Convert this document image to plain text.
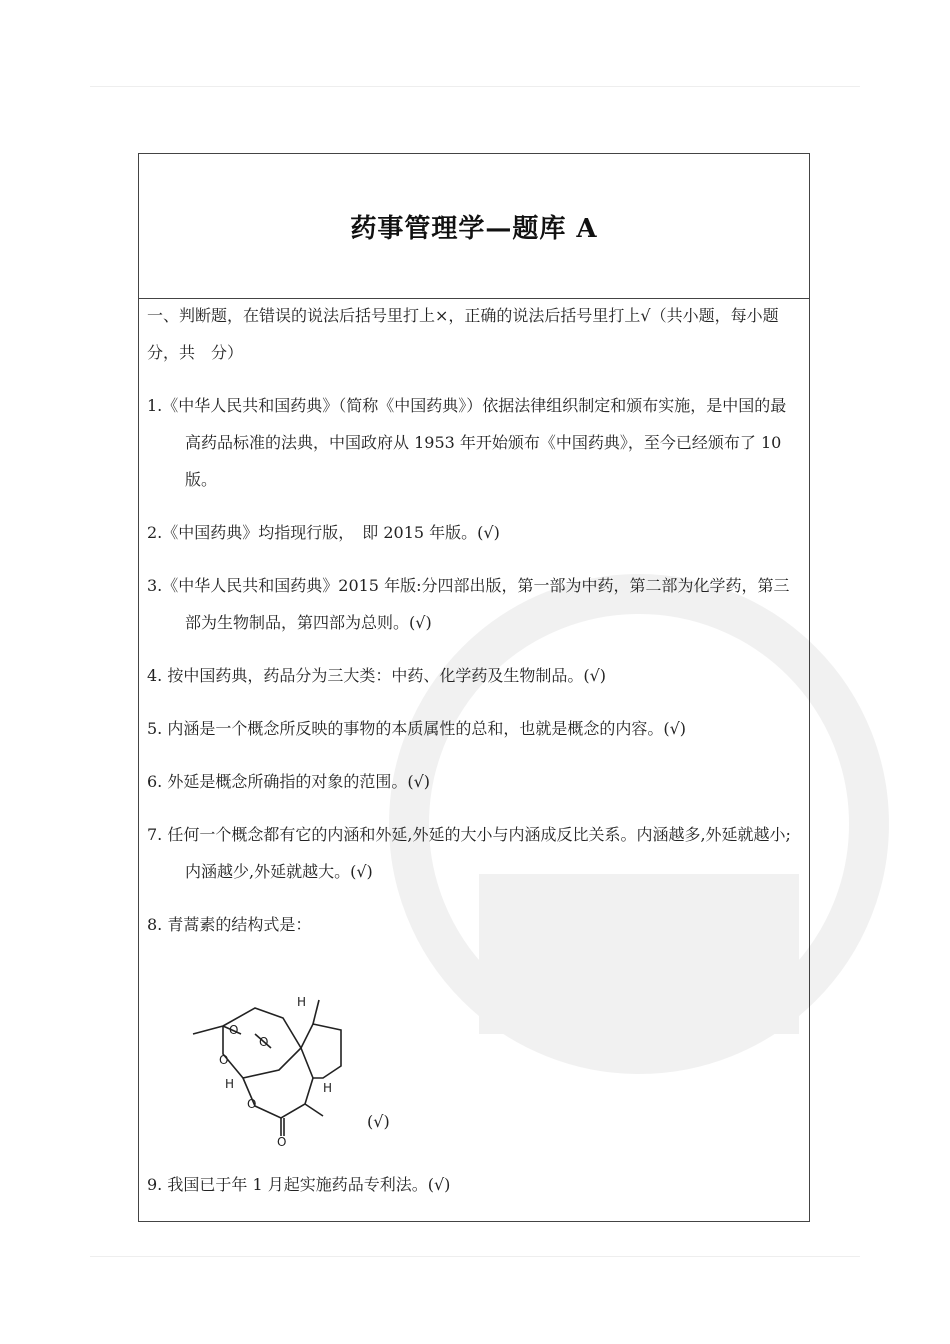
药事管理学—题库 A
一、判断题，在错误的说法后括号里打上×，正确的说法后括号里打上√（共小题，每小题　分，共　分）
1.《中华人民共和国药典》（简称《中国药典》）依据法律组织制定和颁布实施，是中国的最高药品标准的法典，中国政府从 1953 年开始颁布《中国药典》，至今已经颁布了 10 版。
2.《中国药典》均指现行版，　即 2015 年版。(√)
3.《中华人民共和国药典》2015 年版:分四部出版，第一部为中药，第二部为化学药，第三部为生物制品，第四部为总则。(√)
4. 按中国药典，药品分为三大类：中药、化学药及生物制品。(√)
5. 内涵是一个概念所反映的事物的本质属性的总和，也就是概念的内容。(√)
6. 外延是概念所确指的对象的范围。(√)
7. 任何一个概念都有它的内涵和外延,外延的大小与内涵成反比关系。内涵越多,外延就越小;内涵越少,外延就越大。(√)
8. 青蒿素的结构式是：
O
O
O
O
O
H
H	H
(√)
9. 我国已于年 1 月起实施药品专利法。(√)
